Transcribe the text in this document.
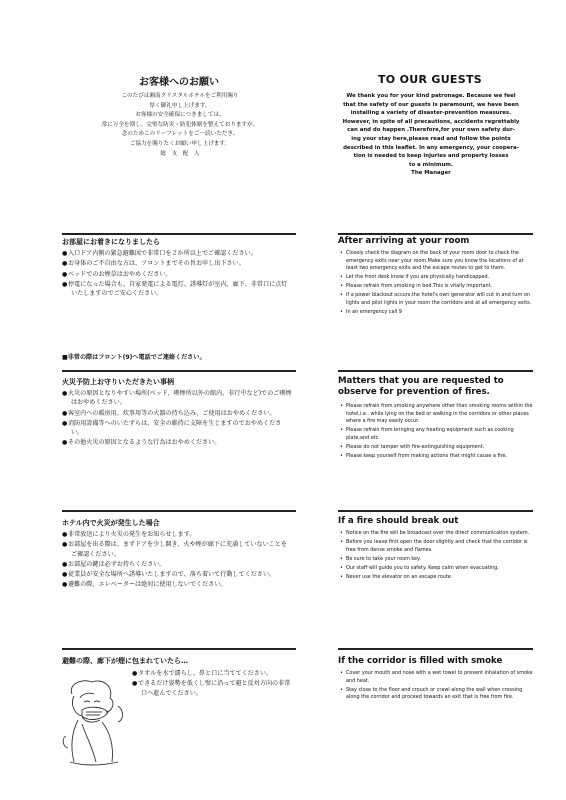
お客様へのお願い	TO OUR GUESTS
このたびは湘南クリスタルホテルをご利用賜り
厚く御礼申し上げます。
お客様の安全確保につきましては、
常に万全を期し、完璧な防災・防犯体制を整えておりますが、
念のためこのリーフレットをご一読いただき、
ご協力を賜りたくお願い申し上げます。
総　支　配　人
We thank you for your kind patronage. Because we feel
that the safety of our guests is paramount, we have been
installing a variety of disaster-prevention measures.
However, in spite of all precautions, accidents regrettably
can and do happen .Therefore,for your own safety dur-
ing your stay here,please read and follow the points
described in this leaflet. In any emergency, your coopera-
tion is needed to keep injuries and property losses
to a minimum.
The Manager
お部屋にお着きになりましたら	After arriving at your room
●入口ドア内側の緊急避難図で非常口を２か所以上でご確認ください。
●お身体のご不自由な方は、フロントまでその旨お申し出下さい。
●ベッドでのお煙草はおやめください。
●停電になった場合も、自家発電による電灯、誘導灯が室内、廊下、非常口に点灯いたしますのでご安心ください。
■非常の際はフロント(9)へ電話でご連絡ください。
• Closely check the diagram on the back of your room door to check the emergency exits near your room.Make sure you know the locations of at least two emergency exits and the escape routes to get to them.
• Let the front desk know if you are physically handicapped.
• Please refrain from smoking in bed.This is vitally important.
• If a power blackout occurs,the hotel's own generator will cut in and turn on lights and pilot lights in your room the corridors and at all emergency exits.
• In an emergency call 9
火災予防上お守りいただきたい事柄	Matters that you are requested to observe for prevention of fires.
●火災の原因となりやすい場所(ベッド、喫煙所以外の館内、非行中など)でのご喫煙はおやめください。
●客室内への暖房用、炊事用等の火器の持ち込み、ご使用はおやめください。
●消防用設備等へのいたずらは、安全の維持に支障を生じますのでおやめください。
●その他火災の原因となるような行為はおやめください。
• Please refrain from smoking anywhere other than smoking rooms within the hotel,i.e.. while lying on the bed or walking in the corridors or other places where a fire may easily occur.
• Please refrain from bringing any heating equipment such as cooking plate,and etc.
• Please do not tamper with fire-extinguishing equipment.
• Please keep yourself from making actions that might cause a fire.
ホテル内で火災が発生した場合	If a fire should break out
●非常放送により火災の発生をお知らせします。
●お部屋を出る際は、まずドアを少し開き、火や煙が廊下に充満していないことをご確認ください。
●お部屋の鍵は必ずお持ちください。
●従業員が安全な場所へ誘導いたしますので、落ち着いて行動してください。
●避難の際、エレベーターは絶対に使用しないでください。
• Notice on the fire will be broadcast over the direct communication system.
• Before you leave first open the door slightly and check that the corridor is free from dense smoke and flames.
• Be sure to take your room key.
• Our staff will guide you to safety. Keep calm when evacuating.
• Never use the elevator on an escape route.
避難の際、廊下が煙に包まれていたら…	If the corridor is filled with smoke
●タオルを水で濡らし、鼻と口に当ててください。
●できるだけ姿勢を低くし壁に沿って避と反対方向の非常口へ進んでください。
• Cover your mouth and nose with a wet towel to prevent inhalation of smoke and heat.
• Stay close to the floor and crouch or crawl along the wall when crossing along the corridor and proceed towards an exit that is free from fire.
